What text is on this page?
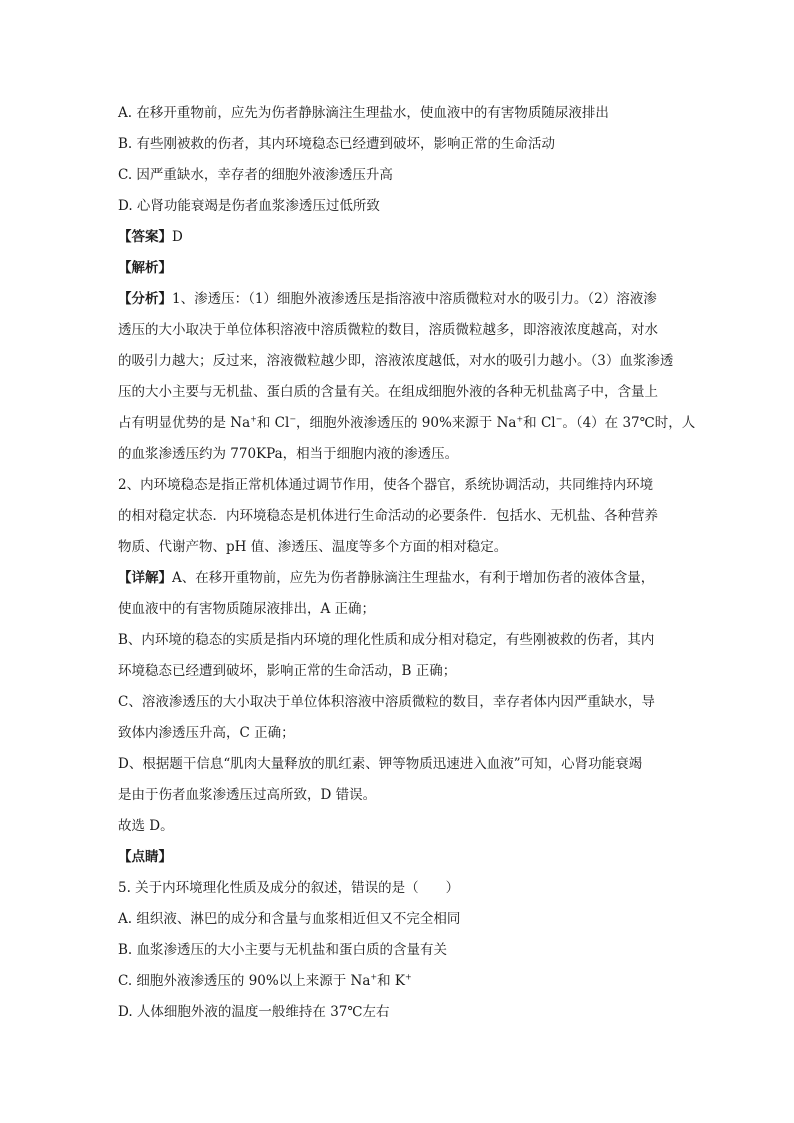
A. 在移开重物前，应先为伤者静脉滴注生理盐水，使血液中的有害物质随尿液排出
B. 有些刚被救的伤者，其内环境稳态已经遭到破坏，影响正常的生命活动
C. 因严重缺水，幸存者的细胞外液渗透压升高
D. 心肾功能衰竭是伤者血浆渗透压过低所致
【答案】D
【解析】
【分析】1、渗透压：（1）细胞外液渗透压是指溶液中溶质微粒对水的吸引力。（2）溶液渗
透压的大小取决于单位体积溶液中溶质微粒的数目，溶质微粒越多，即溶液浓度越高，对水
的吸引力越大；反过来，溶液微粒越少即，溶液浓度越低，对水的吸引力越小。（3）血浆渗透
压的大小主要与无机盐、蛋白质的含量有关。在组成细胞外液的各种无机盐离子中，含量上
占有明显优势的是 Na+和 Cl−，细胞外液渗透压的 90%来源于 Na+和 Cl−。（4）在 37℃时，人
的血浆渗透压约为 770KPa，相当于细胞内液的渗透压。
2、内环境稳态是指正常机体通过调节作用，使各个器官，系统协调活动，共同维持内环境
的相对稳定状态．内环境稳态是机体进行生命活动的必要条件．包括水、无机盐、各种营养
物质、代谢产物、pH 值、渗透压、温度等多个方面的相对稳定。
【详解】A、在移开重物前，应先为伤者静脉滴注生理盐水，有利于增加伤者的液体含量，
使血液中的有害物质随尿液排出，A 正确；
B、内环境的稳态的实质是指内环境的理化性质和成分相对稳定，有些刚被救的伤者，其内
环境稳态已经遭到破坏，影响正常的生命活动，B 正确；
C、溶液渗透压的大小取决于单位体积溶液中溶质微粒的数目，幸存者体内因严重缺水，导
致体内渗透压升高，C 正确；
D、根据题干信息“肌肉大量释放的肌红素、钾等物质迅速进入血液”可知，心肾功能衰竭
是由于伤者血浆渗透压过高所致，D 错误。
故选 D。
【点睛】
5. 关于内环境理化性质及成分的叙述，错误的是（　　）
A. 组织液、淋巴的成分和含量与血浆相近但又不完全相同
B. 血浆渗透压的大小主要与无机盐和蛋白质的含量有关
C. 细胞外液渗透压的 90%以上来源于 Na+和 K+
D. 人体细胞外液的温度一般维持在 37℃左右
